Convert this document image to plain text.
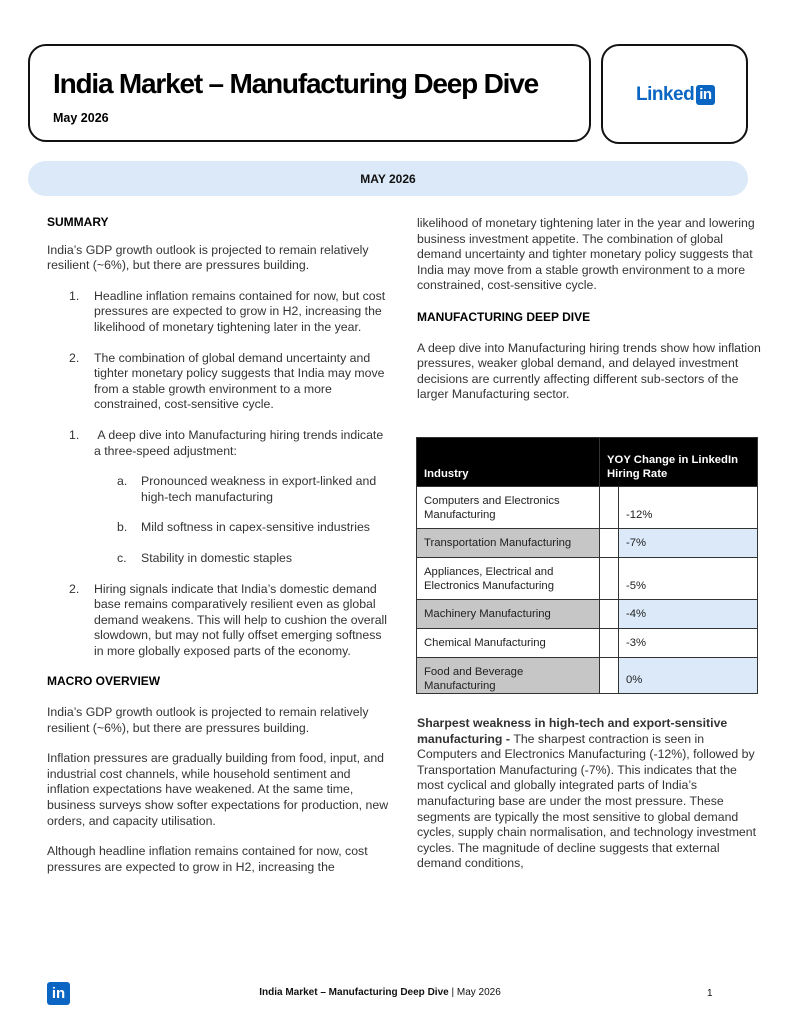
India Market – Manufacturing Deep Dive
May 2026
Linked in
MAY 2026

SUMMARY

India’s GDP growth outlook is projected to remain relatively resilient (~6%), but there are pressures building.

1. Headline inflation remains contained for now, but cost pressures are expected to grow in H2, increasing the likelihood of monetary tightening later in the year.

2. The combination of global demand uncertainty and tighter monetary policy suggests that India may move from a stable growth environment to a more constrained, cost-sensitive cycle.

1. A deep dive into Manufacturing hiring trends indicate a three-speed adjustment:

a. Pronounced weakness in export-linked and high-tech manufacturing

b. Mild softness in capex-sensitive industries

c. Stability in domestic staples

2. Hiring signals indicate that India’s domestic demand base remains comparatively resilient even as global demand weakens. This will help to cushion the overall slowdown, but may not fully offset emerging softness in more globally exposed parts of the economy.

MACRO OVERVIEW

India’s GDP growth outlook is projected to remain relatively resilient (~6%), but there are pressures building.

Inflation pressures are gradually building from food, input, and industrial cost channels, while household sentiment and inflation expectations have weakened. At the same time, business surveys show softer expectations for production, new orders, and capacity utilisation.

Although headline inflation remains contained for now, cost pressures are expected to grow in H2, increasing the

likelihood of monetary tightening later in the year and lowering business investment appetite. The combination of global demand uncertainty and tighter monetary policy suggests that India may move from a stable growth environment to a more constrained, cost-sensitive cycle.

MANUFACTURING DEEP DIVE

A deep dive into Manufacturing hiring trends show how inflation pressures, weaker global demand, and delayed investment decisions are currently affecting different sub-sectors of the larger Manufacturing sector.

Industry	YOY Change in LinkedIn Hiring Rate	
Computers and Electronics Manufacturing		-12%
Transportation Manufacturing		-7%
Appliances, Electrical and Electronics Manufacturing		-5%
Machinery Manufacturing		-4%
Chemical Manufacturing		-3%
Food and Beverage Manufacturing		0%

Sharpest weakness in high-tech and export-sensitive manufacturing - The sharpest contraction is seen in Computers and Electronics Manufacturing (-12%), followed by Transportation Manufacturing (-7%). This indicates that the most cyclical and globally integrated parts of India’s manufacturing base are under the most pressure. These segments are typically the most sensitive to global demand cycles, supply chain normalisation, and technology investment cycles. The magnitude of decline suggests that external demand conditions,

in	India Market – Manufacturing Deep Dive | May 2026	1
